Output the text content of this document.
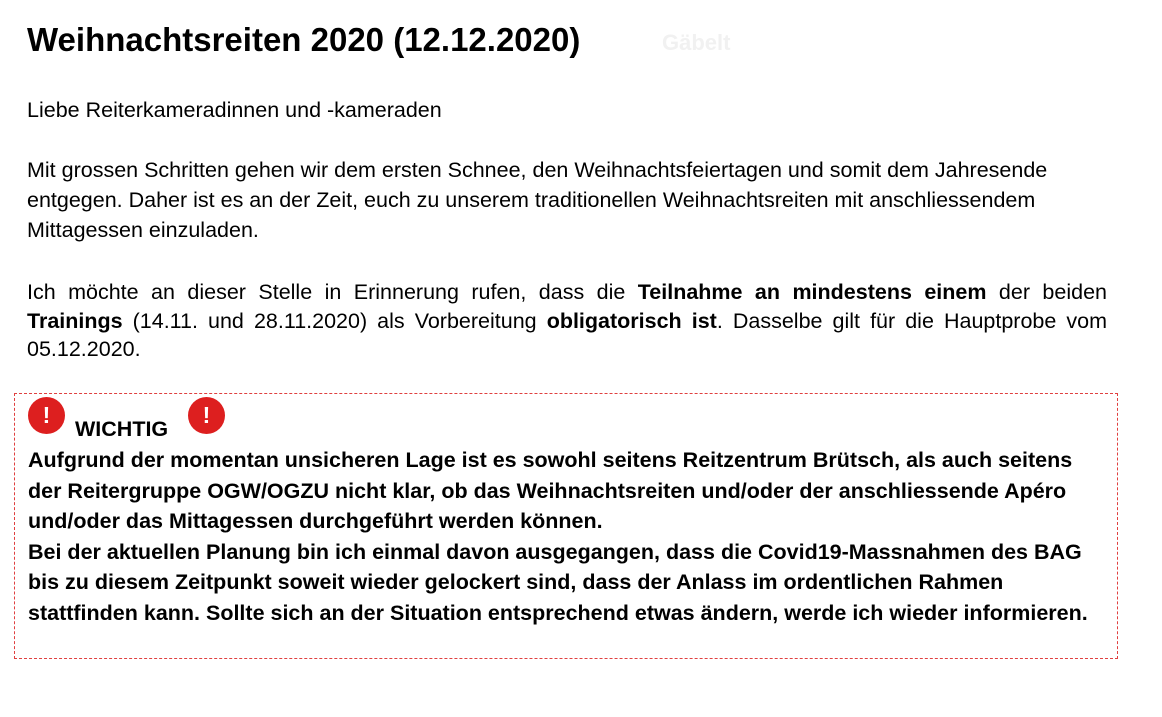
Weihnachtsreiten 2020 (12.12.2020)	Gäbelt

Liebe Reiterkameradinnen und -kameraden

Mit grossen Schritten gehen wir dem ersten Schnee, den Weihnachtsfeiertagen und somit dem Jahresende entgegen. Daher ist es an der Zeit, euch zu unserem traditionellen Weihnachtsreiten mit anschliessendem Mittagessen einzuladen.

Ich möchte an dieser Stelle in Erinnerung rufen, dass die Teilnahme an mindestens einem der beiden Trainings (14.11. und 28.11.2020) als Vorbereitung obligatorisch ist. Dasselbe gilt für die Hauptprobe vom 05.12.2020.

!
WICHTIG
!
Aufgrund der momentan unsicheren Lage ist es sowohl seitens Reitzentrum Brütsch, als auch seitens der Reitergruppe OGW/OGZU nicht klar, ob das Weihnachtsreiten und/oder der anschliessende Apéro und/oder das Mittagessen durchgeführt werden können.
Bei der aktuellen Planung bin ich einmal davon ausgegangen, dass die Covid19-Massnahmen des BAG bis zu diesem Zeitpunkt soweit wieder gelockert sind, dass der Anlass im ordentlichen Rahmen stattfinden kann. Sollte sich an der Situation entsprechend etwas ändern, werde ich wieder informieren.
